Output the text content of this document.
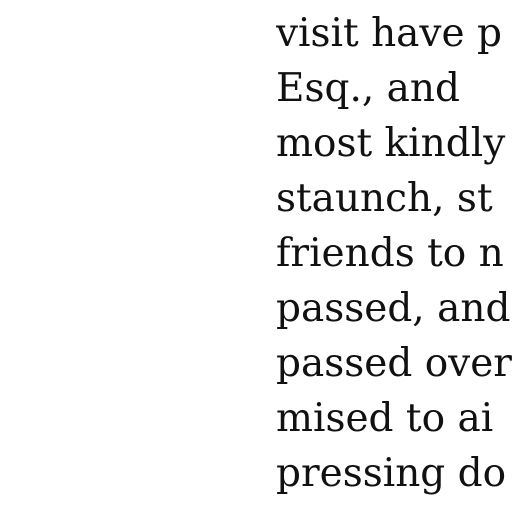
visit have p
Esq., and
most kindly
staunch, st
friends to n
passed, and
passed over
mised to ai
pressing do
